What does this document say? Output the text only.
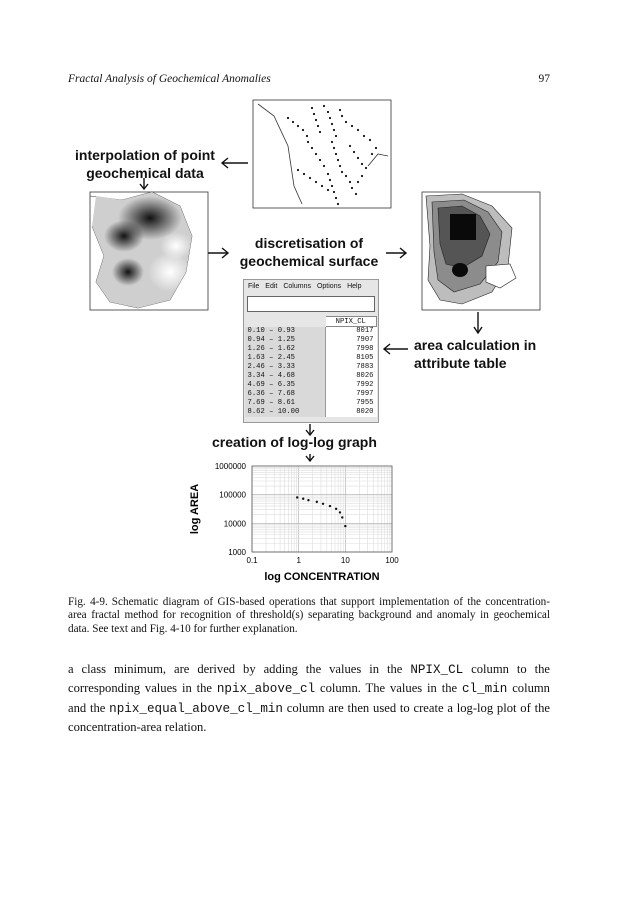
Fractal Analysis of Geochemical Anomalies	97
interpolation of point geochemical data
discretisation of geochemical surface
area calculation in attribute table
creation of log-log graph
File Edit Columns Options Help
	NPIX_CL
0.10 – 0.93	8017
0.94 – 1.25	7907
1.26 – 1.62	7998
1.63 – 2.45	8105
2.46 – 3.33	7883
3.34 – 4.68	8026
4.69 – 6.35	7992
6.36 – 7.68	7997
7.69 – 8.61	7955
8.62 – 10.00	8020
0.1	1	10	100
1000
10000
100000
1000000
log CONCENTRATION
log AREA
Fig. 4-9. Schematic diagram of GIS-based operations that support implementation of the concentration-area fractal method for recognition of threshold(s) separating background and anomaly in geochemical data. See text and Fig. 4-10 for further explanation.
a class minimum, are derived by adding the values in the NPIX_CL column to the corresponding values in the npix_above_cl column. The values in the cl_min column and the npix_equal_above_cl_min column are then used to create a log-log plot of the concentration-area relation.
